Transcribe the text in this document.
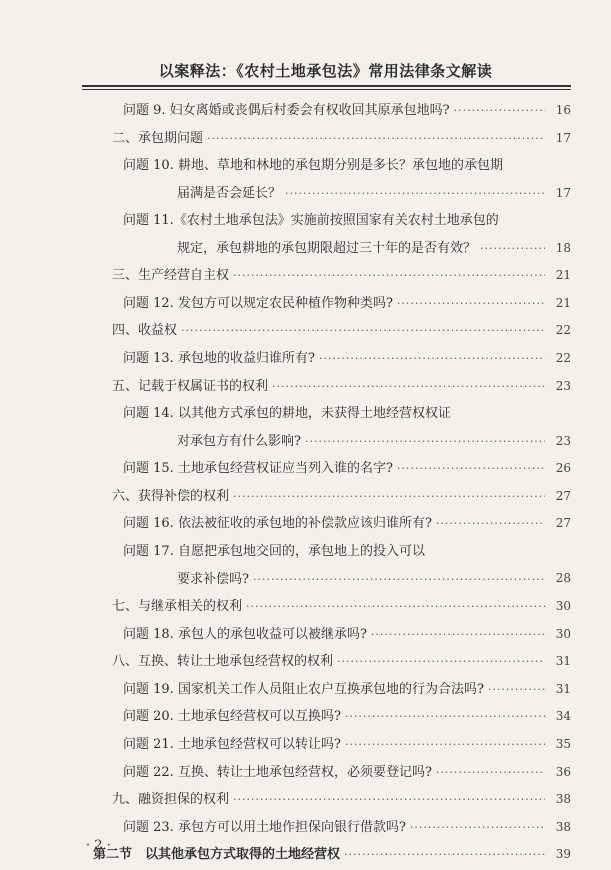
以案释法：《农村土地承包法》常用法律条文解读
问题 9. 妇女离婚或丧偶后村委会有权收回其原承包地吗? ·····	16
二、承包期问题 ·····	17
问题 10. 耕地、草地和林地的承包期分别是多长？承包地的承包期
届满是否会延长？ ·····	17
问题 11.《农村土地承包法》实施前按照国家有关农村土地承包的
规定，承包耕地的承包期限超过三十年的是否有效？ ·····	18
三、生产经营自主权 ·····	21
问题 12. 发包方可以规定农民种植作物种类吗? ·····	21
四、收益权 ·····	22
问题 13. 承包地的收益归谁所有? ·····	22
五、记载于权属证书的权利 ·····	23
问题 14. 以其他方式承包的耕地，未获得土地经营权权证
对承包方有什么影响? ·····	23
问题 15. 土地承包经营权证应当列入谁的名字? ·····	26
六、获得补偿的权利 ·····	27
问题 16. 依法被征收的承包地的补偿款应该归谁所有? ·····	27
问题 17. 自愿把承包地交回的，承包地上的投入可以
要求补偿吗? ·····	28
七、与继承相关的权利 ·····	30
问题 18. 承包人的承包收益可以被继承吗? ·····	30
八、互换、转让土地承包经营权的权利 ·····	31
问题 19. 国家机关工作人员阻止农户互换承包地的行为合法吗? ·····	31
问题 20. 土地承包经营权可以互换吗? ·····	34
问题 21. 土地承包经营权可以转让吗? ·····	35
问题 22. 互换、转让土地承包经营权，必须要登记吗? ·····	36
九、融资担保的权利 ·····	38
问题 23. 承包方可以用土地作担保向银行借款吗? ·····	38
第二节　以其他承包方式取得的土地经营权 ·····	39
· 2 ·
